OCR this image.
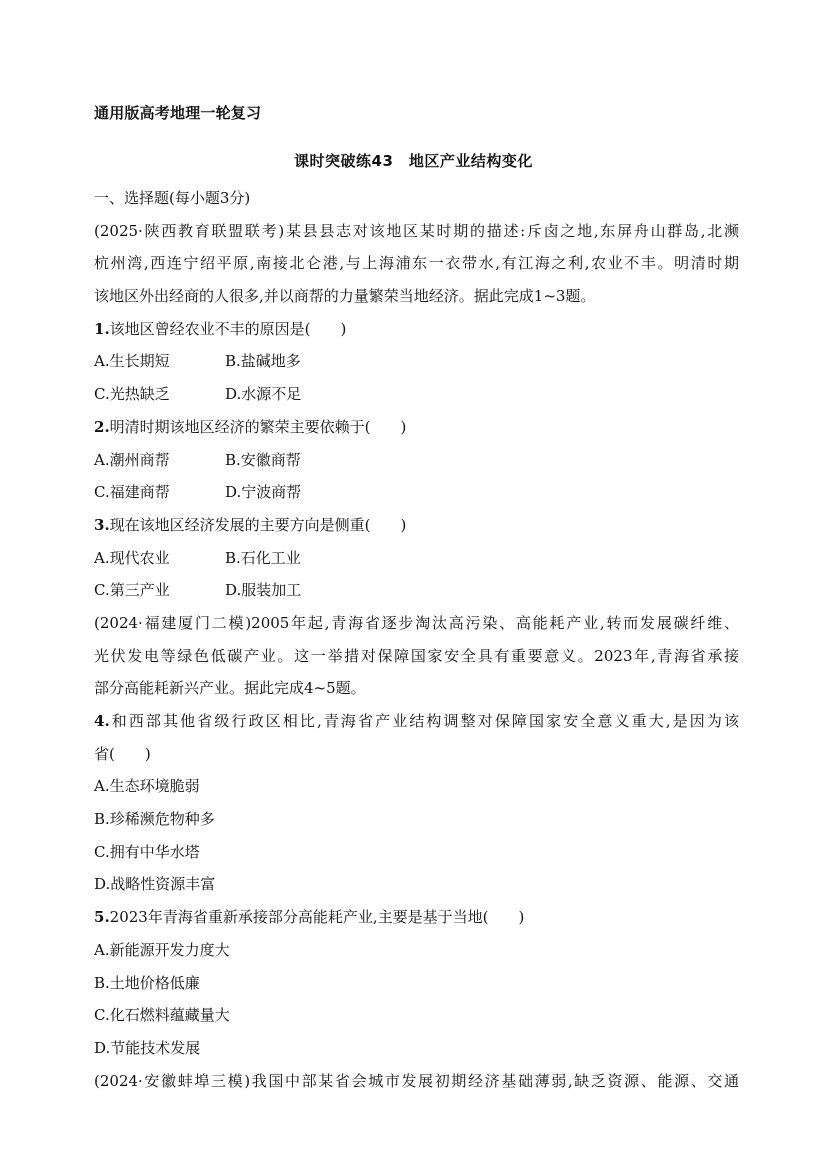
通用版高考地理一轮复习
课时突破练43　地区产业结构变化
一、选择题(每小题3分)
(2025·陕西教育联盟联考)某县县志对该地区某时期的描述:斥卤之地,东屏舟山群岛,北濒
杭州湾,西连宁绍平原,南接北仑港,与上海浦东一衣带水,有江海之利,农业不丰。明清时期
该地区外出经商的人很多,并以商帮的力量繁荣当地经济。据此完成1~3题。
1.该地区曾经农业不丰的原因是(　　)
A.生长期短	B.盐碱地多
C.光热缺乏	D.水源不足
2.明清时期该地区经济的繁荣主要依赖于(　　)
A.潮州商帮	B.安徽商帮
C.福建商帮	D.宁波商帮
3.现在该地区经济发展的主要方向是侧重(　　)
A.现代农业	B.石化工业
C.第三产业	D.服装加工
(2024·福建厦门二模)2005年起,青海省逐步淘汰高污染、高能耗产业,转而发展碳纤维、
光伏发电等绿色低碳产业。这一举措对保障国家安全具有重要意义。2023年,青海省承接
部分高能耗新兴产业。据此完成4~5题。
4.和西部其他省级行政区相比,青海省产业结构调整对保障国家安全意义重大,是因为该
省(　　)
A.生态环境脆弱
B.珍稀濒危物种多
C.拥有中华水塔
D.战略性资源丰富
5.2023年青海省重新承接部分高能耗产业,主要是基于当地(　　)
A.新能源开发力度大
B.土地价格低廉
C.化石燃料蕴藏量大
D.节能技术发展
(2024·安徽蚌埠三模)我国中部某省会城市发展初期经济基础薄弱,缺乏资源、能源、交通
